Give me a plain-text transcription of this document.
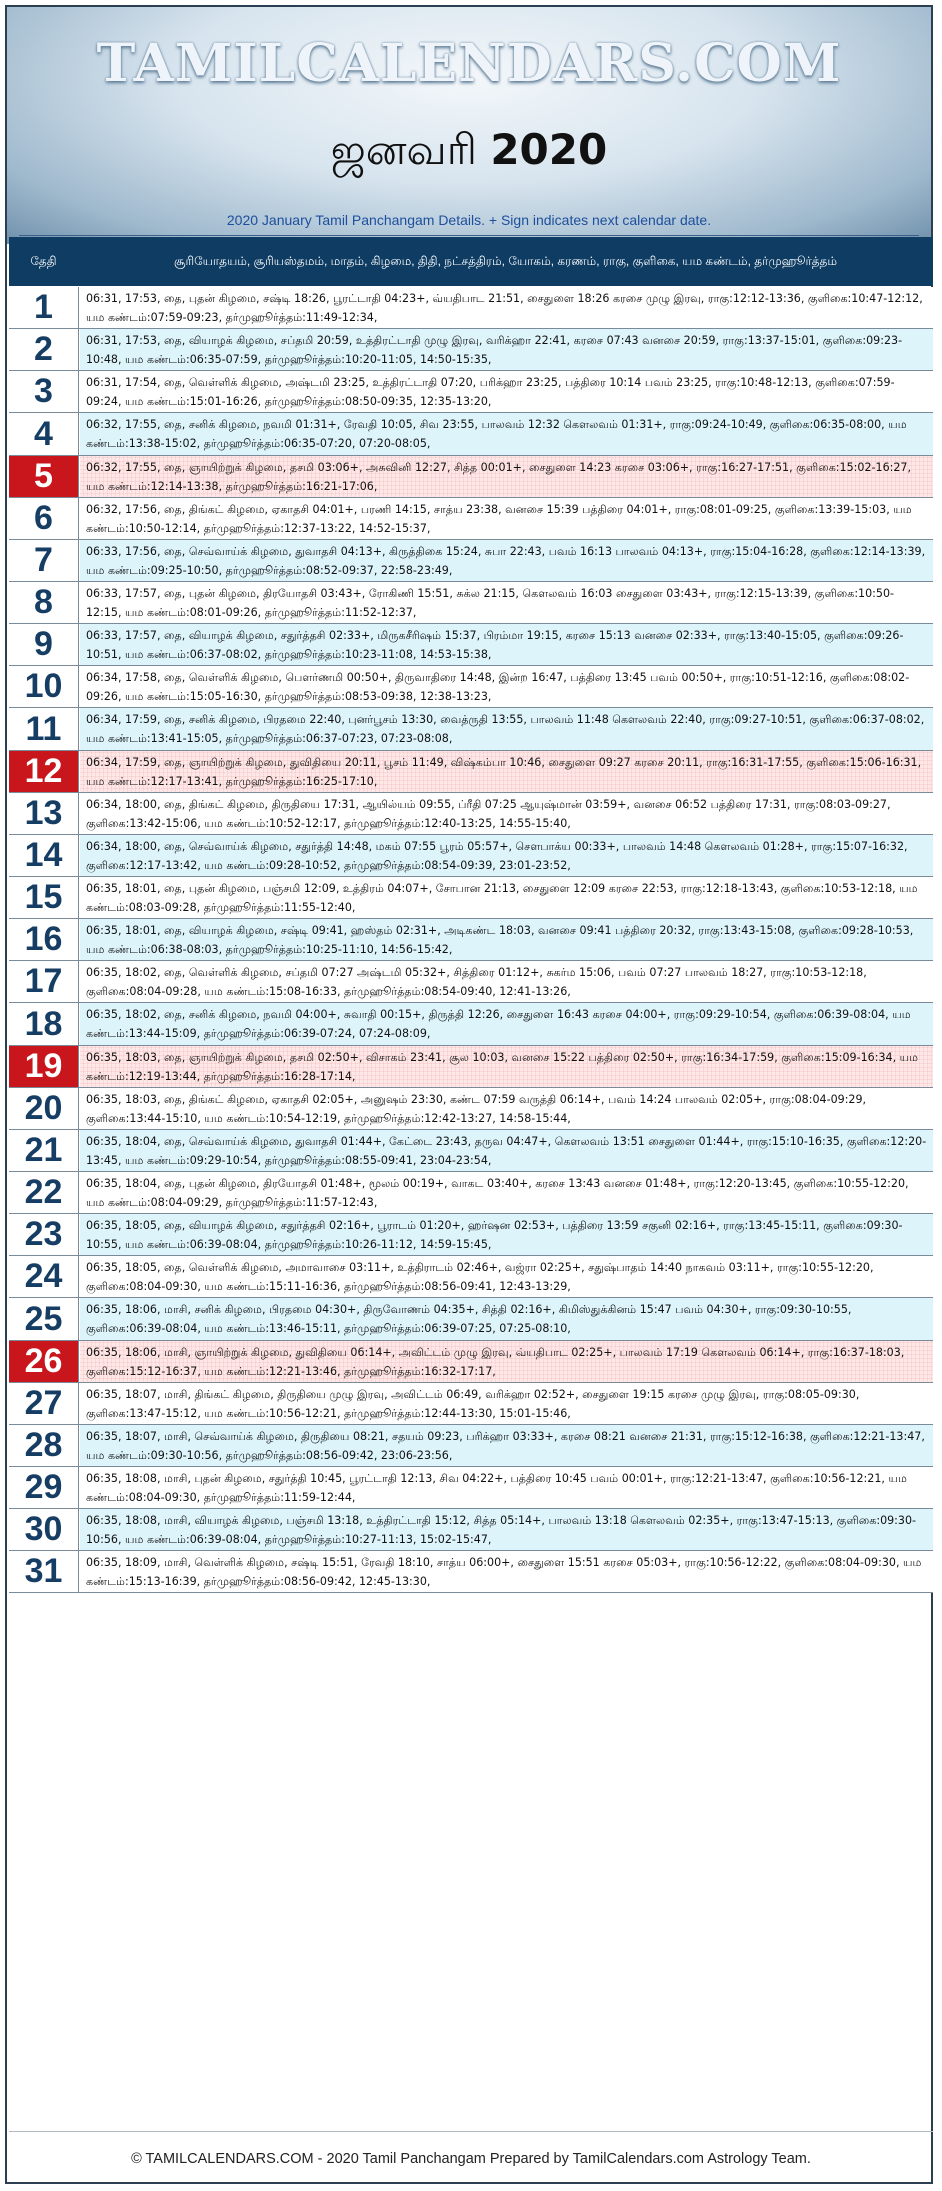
TAMILCALENDARS.COM
ஜனவரி 2020
2020 January Tamil Panchangam Details. + Sign indicates next calendar date.
தேதி	சூரியோதயம், சூரியஸ்தமம், மாதம், கிழமை, திதி, நட்சத்திரம், யோகம், கரணம், ராகு, குளிகை, யம கண்டம், தர்முஹூர்த்தம்
1	06:31, 17:53, தை, புதன் கிழமை, சஷ்டி 18:26, பூரட்டாதி 04:23+, வ்யதிபாட 21:51, சைதுளை 18:26 கரசை முழு இரவு, ராகு:12:12-13:36, குளிகை:10:47-12:12, யம கண்டம்:07:59-09:23, தர்முஹூர்த்தம்:11:49-12:34,
2	06:31, 17:53, தை, வியாழக் கிழமை, சப்தமி 20:59, உத்திரட்டாதி முழு இரவு, வரிக்ஹா 22:41, கரசை 07:43 வனசை 20:59, ராகு:13:37-15:01, குளிகை:09:23-10:48, யம கண்டம்:06:35-07:59, தர்முஹூர்த்தம்:10:20-11:05, 14:50-15:35,
3	06:31, 17:54, தை, வெள்ளிக் கிழமை, அஷ்டமி 23:25, உத்திரட்டாதி 07:20, பரிக்ஹா 23:25, பத்திரை 10:14 பவம் 23:25, ராகு:10:48-12:13, குளிகை:07:59-09:24, யம கண்டம்:15:01-16:26, தர்முஹூர்த்தம்:08:50-09:35, 12:35-13:20,
4	06:32, 17:55, தை, சனிக் கிழமை, நவமி 01:31+, ரேவதி 10:05, சிவ 23:55, பாலவம் 12:32 கௌலவம் 01:31+, ராகு:09:24-10:49, குளிகை:06:35-08:00, யம கண்டம்:13:38-15:02, தர்முஹூர்த்தம்:06:35-07:20, 07:20-08:05,
5	06:32, 17:55, தை, ஞாயிற்றுக் கிழமை, தசமி 03:06+, அசுவினி 12:27, சித்த 00:01+, சைதுளை 14:23 கரசை 03:06+, ராகு:16:27-17:51, குளிகை:15:02-16:27, யம கண்டம்:12:14-13:38, தர்முஹூர்த்தம்:16:21-17:06,
6	06:32, 17:56, தை, திங்கட் கிழமை, ஏகாதசி 04:01+, பரணி 14:15, சாத்ய 23:38, வனசை 15:39 பத்திரை 04:01+, ராகு:08:01-09:25, குளிகை:13:39-15:03, யம கண்டம்:10:50-12:14, தர்முஹூர்த்தம்:12:37-13:22, 14:52-15:37,
7	06:33, 17:56, தை, செவ்வாய்க் கிழமை, துவாதசி 04:13+, கிருத்திகை 15:24, சுபா 22:43, பவம் 16:13 பாலவம் 04:13+, ராகு:15:04-16:28, குளிகை:12:14-13:39, யம கண்டம்:09:25-10:50, தர்முஹூர்த்தம்:08:52-09:37, 22:58-23:49,
8	06:33, 17:57, தை, புதன் கிழமை, திரயோதசி 03:43+, ரோகிணி 15:51, சுக்ல 21:15, கௌலவம் 16:03 சைதுளை 03:43+, ராகு:12:15-13:39, குளிகை:10:50-12:15, யம கண்டம்:08:01-09:26, தர்முஹூர்த்தம்:11:52-12:37,
9	06:33, 17:57, தை, வியாழக் கிழமை, சதுர்த்தசி 02:33+, மிருகசீரிஷம் 15:37, பிரம்மா 19:15, கரசை 15:13 வனசை 02:33+, ராகு:13:40-15:05, குளிகை:09:26-10:51, யம கண்டம்:06:37-08:02, தர்முஹூர்த்தம்:10:23-11:08, 14:53-15:38,
10	06:34, 17:58, தை, வெள்ளிக் கிழமை, பௌர்ணமி 00:50+, திருவாதிரை 14:48, இன்ற 16:47, பத்திரை 13:45 பவம் 00:50+, ராகு:10:51-12:16, குளிகை:08:02-09:26, யம கண்டம்:15:05-16:30, தர்முஹூர்த்தம்:08:53-09:38, 12:38-13:23,
11	06:34, 17:59, தை, சனிக் கிழமை, பிரதமை 22:40, புனர்பூசம் 13:30, வைத்ருதி 13:55, பாலவம் 11:48 கௌலவம் 22:40, ராகு:09:27-10:51, குளிகை:06:37-08:02, யம கண்டம்:13:41-15:05, தர்முஹூர்த்தம்:06:37-07:23, 07:23-08:08,
12	06:34, 17:59, தை, ஞாயிற்றுக் கிழமை, துவிதியை 20:11, பூசம் 11:49, விஷ்கம்பா 10:46, சைதுளை 09:27 கரசை 20:11, ராகு:16:31-17:55, குளிகை:15:06-16:31, யம கண்டம்:12:17-13:41, தர்முஹூர்த்தம்:16:25-17:10,
13	06:34, 18:00, தை, திங்கட் கிழமை, திருதியை 17:31, ஆயில்யம் 09:55, ப்ரீதி 07:25 ஆயுஷ்மான் 03:59+, வனசை 06:52 பத்திரை 17:31, ராகு:08:03-09:27, குளிகை:13:42-15:06, யம கண்டம்:10:52-12:17, தர்முஹூர்த்தம்:12:40-13:25, 14:55-15:40,
14	06:34, 18:00, தை, செவ்வாய்க் கிழமை, சதுர்த்தி 14:48, மகம் 07:55 பூரம் 05:57+, சௌபாக்ய 00:33+, பாலவம் 14:48 கௌலவம் 01:28+, ராகு:15:07-16:32, குளிகை:12:17-13:42, யம கண்டம்:09:28-10:52, தர்முஹூர்த்தம்:08:54-09:39, 23:01-23:52,
15	06:35, 18:01, தை, புதன் கிழமை, பஞ்சமி 12:09, உத்திரம் 04:07+, சோபான 21:13, சைதுளை 12:09 கரசை 22:53, ராகு:12:18-13:43, குளிகை:10:53-12:18, யம கண்டம்:08:03-09:28, தர்முஹூர்த்தம்:11:55-12:40,
16	06:35, 18:01, தை, வியாழக் கிழமை, சஷ்டி 09:41, ஹஸ்தம் 02:31+, அடிகண்ட 18:03, வனசை 09:41 பத்திரை 20:32, ராகு:13:43-15:08, குளிகை:09:28-10:53, யம கண்டம்:06:38-08:03, தர்முஹூர்த்தம்:10:25-11:10, 14:56-15:42,
17	06:35, 18:02, தை, வெள்ளிக் கிழமை, சப்தமி 07:27 அஷ்டமி 05:32+, சித்திரை 01:12+, சுகர்ம 15:06, பவம் 07:27 பாலவம் 18:27, ராகு:10:53-12:18, குளிகை:08:04-09:28, யம கண்டம்:15:08-16:33, தர்முஹூர்த்தம்:08:54-09:40, 12:41-13:26,
18	06:35, 18:02, தை, சனிக் கிழமை, நவமி 04:00+, சுவாதி 00:15+, திருத்தி 12:26, சைதுளை 16:43 கரசை 04:00+, ராகு:09:29-10:54, குளிகை:06:39-08:04, யம கண்டம்:13:44-15:09, தர்முஹூர்த்தம்:06:39-07:24, 07:24-08:09,
19	06:35, 18:03, தை, ஞாயிற்றுக் கிழமை, தசமி 02:50+, விசாகம் 23:41, சூல 10:03, வனசை 15:22 பத்திரை 02:50+, ராகு:16:34-17:59, குளிகை:15:09-16:34, யம கண்டம்:12:19-13:44, தர்முஹூர்த்தம்:16:28-17:14,
20	06:35, 18:03, தை, திங்கட் கிழமை, ஏகாதசி 02:05+, அனுஷம் 23:30, கண்ட 07:59 வருத்தி 06:14+, பவம் 14:24 பாலவம் 02:05+, ராகு:08:04-09:29, குளிகை:13:44-15:10, யம கண்டம்:10:54-12:19, தர்முஹூர்த்தம்:12:42-13:27, 14:58-15:44,
21	06:35, 18:04, தை, செவ்வாய்க் கிழமை, துவாதசி 01:44+, கேட்டை 23:43, தருவ 04:47+, கௌலவம் 13:51 சைதுளை 01:44+, ராகு:15:10-16:35, குளிகை:12:20-13:45, யம கண்டம்:09:29-10:54, தர்முஹூர்த்தம்:08:55-09:41, 23:04-23:54,
22	06:35, 18:04, தை, புதன் கிழமை, திரயோதசி 01:48+, மூலம் 00:19+, வாகட 03:40+, கரசை 13:43 வனசை 01:48+, ராகு:12:20-13:45, குளிகை:10:55-12:20, யம கண்டம்:08:04-09:29, தர்முஹூர்த்தம்:11:57-12:43,
23	06:35, 18:05, தை, வியாழக் கிழமை, சதுர்த்தசி 02:16+, பூராடம் 01:20+, ஹர்ஷன 02:53+, பத்திரை 13:59 சகுனி 02:16+, ராகு:13:45-15:11, குளிகை:09:30-10:55, யம கண்டம்:06:39-08:04, தர்முஹூர்த்தம்:10:26-11:12, 14:59-15:45,
24	06:35, 18:05, தை, வெள்ளிக் கிழமை, அமாவாசை 03:11+, உத்திராடம் 02:46+, வஜ்ரா 02:25+, சதுஷ்பாதம் 14:40 நாகவம் 03:11+, ராகு:10:55-12:20, குளிகை:08:04-09:30, யம கண்டம்:15:11-16:36, தர்முஹூர்த்தம்:08:56-09:41, 12:43-13:29,
25	06:35, 18:06, மாசி, சனிக் கிழமை, பிரதமை 04:30+, திருவோணம் 04:35+, சித்தி 02:16+, கிமிஸ்துக்கினம் 15:47 பவம் 04:30+, ராகு:09:30-10:55, குளிகை:06:39-08:04, யம கண்டம்:13:46-15:11, தர்முஹூர்த்தம்:06:39-07:25, 07:25-08:10,
26	06:35, 18:06, மாசி, ஞாயிற்றுக் கிழமை, துவிதியை 06:14+, அவிட்டம் முழு இரவு, வ்யதிபாட 02:25+, பாலவம் 17:19 கௌலவம் 06:14+, ராகு:16:37-18:03, குளிகை:15:12-16:37, யம கண்டம்:12:21-13:46, தர்முஹூர்த்தம்:16:32-17:17,
27	06:35, 18:07, மாசி, திங்கட் கிழமை, திருதியை முழு இரவு, அவிட்டம் 06:49, வரிக்ஹா 02:52+, சைதுளை 19:15 கரசை முழு இரவு, ராகு:08:05-09:30, குளிகை:13:47-15:12, யம கண்டம்:10:56-12:21, தர்முஹூர்த்தம்:12:44-13:30, 15:01-15:46,
28	06:35, 18:07, மாசி, செவ்வாய்க் கிழமை, திருதியை 08:21, சதயம் 09:23, பரிக்ஹா 03:33+, கரசை 08:21 வனசை 21:31, ராகு:15:12-16:38, குளிகை:12:21-13:47, யம கண்டம்:09:30-10:56, தர்முஹூர்த்தம்:08:56-09:42, 23:06-23:56,
29	06:35, 18:08, மாசி, புதன் கிழமை, சதுர்த்தி 10:45, பூரட்டாதி 12:13, சிவ 04:22+, பத்திரை 10:45 பவம் 00:01+, ராகு:12:21-13:47, குளிகை:10:56-12:21, யம கண்டம்:08:04-09:30, தர்முஹூர்த்தம்:11:59-12:44,
30	06:35, 18:08, மாசி, வியாழக் கிழமை, பஞ்சமி 13:18, உத்திரட்டாதி 15:12, சித்த 05:14+, பாலவம் 13:18 கௌலவம் 02:35+, ராகு:13:47-15:13, குளிகை:09:30-10:56, யம கண்டம்:06:39-08:04, தர்முஹூர்த்தம்:10:27-11:13, 15:02-15:47,
31	06:35, 18:09, மாசி, வெள்ளிக் கிழமை, சஷ்டி 15:51, ரேவதி 18:10, சாத்ய 06:00+, சைதுளை 15:51 கரசை 05:03+, ராகு:10:56-12:22, குளிகை:08:04-09:30, யம கண்டம்:15:13-16:39, தர்முஹூர்த்தம்:08:56-09:42, 12:45-13:30,
© TAMILCALENDARS.COM - 2020 Tamil Panchangam Prepared by TamilCalendars.com Astrology Team.
